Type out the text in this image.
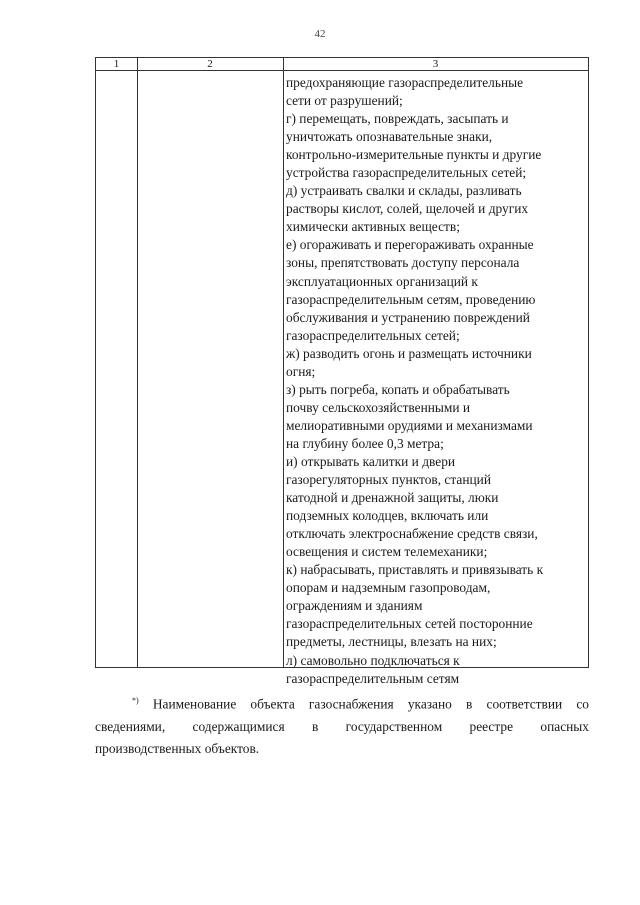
42
1	2	3
предохраняющие газораспределительные
сети от разрушений;
г) перемещать, повреждать, засыпать и
уничтожать опознавательные знаки,
контрольно-измерительные пункты и другие
устройства газораспределительных сетей;
д) устраивать свалки и склады, разливать
растворы кислот, солей, щелочей и других
химически активных веществ;
е) огораживать и перегораживать охранные
зоны, препятствовать доступу персонала
эксплуатационных организаций к
газораспределительным сетям, проведению
обслуживания и устранению повреждений
газораспределительных сетей;
ж) разводить огонь и размещать источники
огня;
з) рыть погреба, копать и обрабатывать
почву сельскохозяйственными и
мелиоративными орудиями и механизмами
на глубину более 0,3 метра;
и) открывать калитки и двери
газорегуляторных пунктов, станций
катодной и дренажной защиты, люки
подземных колодцев, включать или
отключать электроснабжение средств связи,
освещения и систем телемеханики;
к) набрасывать, приставлять и привязывать к
опорам и надземным газопроводам,
ограждениям и зданиям
газораспределительных сетей посторонние
предметы, лестницы, влезать на них;
л) самовольно подключаться к
газораспределительным сетям
*) Наименование объекта газоснабжения указано в соответствии со
сведениями, содержащимися в государственном реестре опасных
производственных объектов.
